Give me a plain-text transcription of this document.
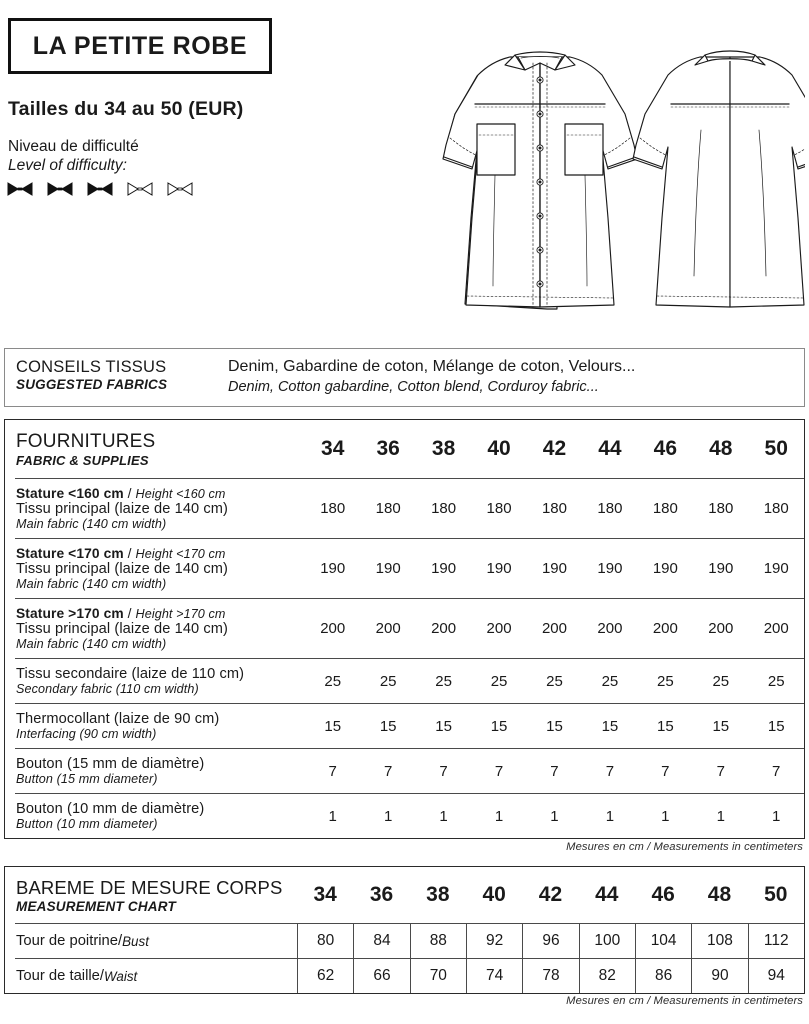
LA PETITE ROBE
Tailles du 34 au 50 (EUR)
Niveau de difficulté
Level of difficulty:
CONSEILS TISSUS
SUGGESTED FABRICS
Denim, Gabardine de coton, Mélange de coton, Velours...
Denim, Cotton gabardine, Cotton blend, Corduroy fabric...
FOURNITURES
FABRIC & SUPPLIES	34	36	38	40	42	44	46	48	50
Stature <160 cm / Height <160 cm
Tissu principal (laize de 140 cm)
Main fabric (140 cm width)
180	180	180	180	180	180	180	180	180
Stature <170 cm / Height <170 cm
Tissu principal (laize de 140 cm)
Main fabric (140 cm width)
190	190	190	190	190	190	190	190	190
Stature >170 cm / Height >170 cm
Tissu principal (laize de 140 cm)
Main fabric (140 cm width)
200	200	200	200	200	200	200	200	200
Tissu secondaire (laize de 110 cm)
Secondary fabric (110 cm width)	25	25	25	25	25	25	25	25	25
Thermocollant (laize de 90 cm)
Interfacing (90 cm width)	15	15	15	15	15	15	15	15	15
Bouton (15 mm de diamètre)
Button (15 mm diameter)	7	7	7	7	7	7	7	7	7
Bouton (10 mm de diamètre)
Button (10 mm diameter)	1	1	1	1	1	1	1	1	1
Mesures en cm / Measurements in centimeters
BAREME DE MESURE CORPS
MEASUREMENT CHART	34	36	38	40	42	44	46	48	50
Tour de poitrine / Bust	80	84	88	92	96	100	104	108	112
Tour de taille / Waist	62	66	70	74	78	82	86	90	94
Mesures en cm / Measurements in centimeters
